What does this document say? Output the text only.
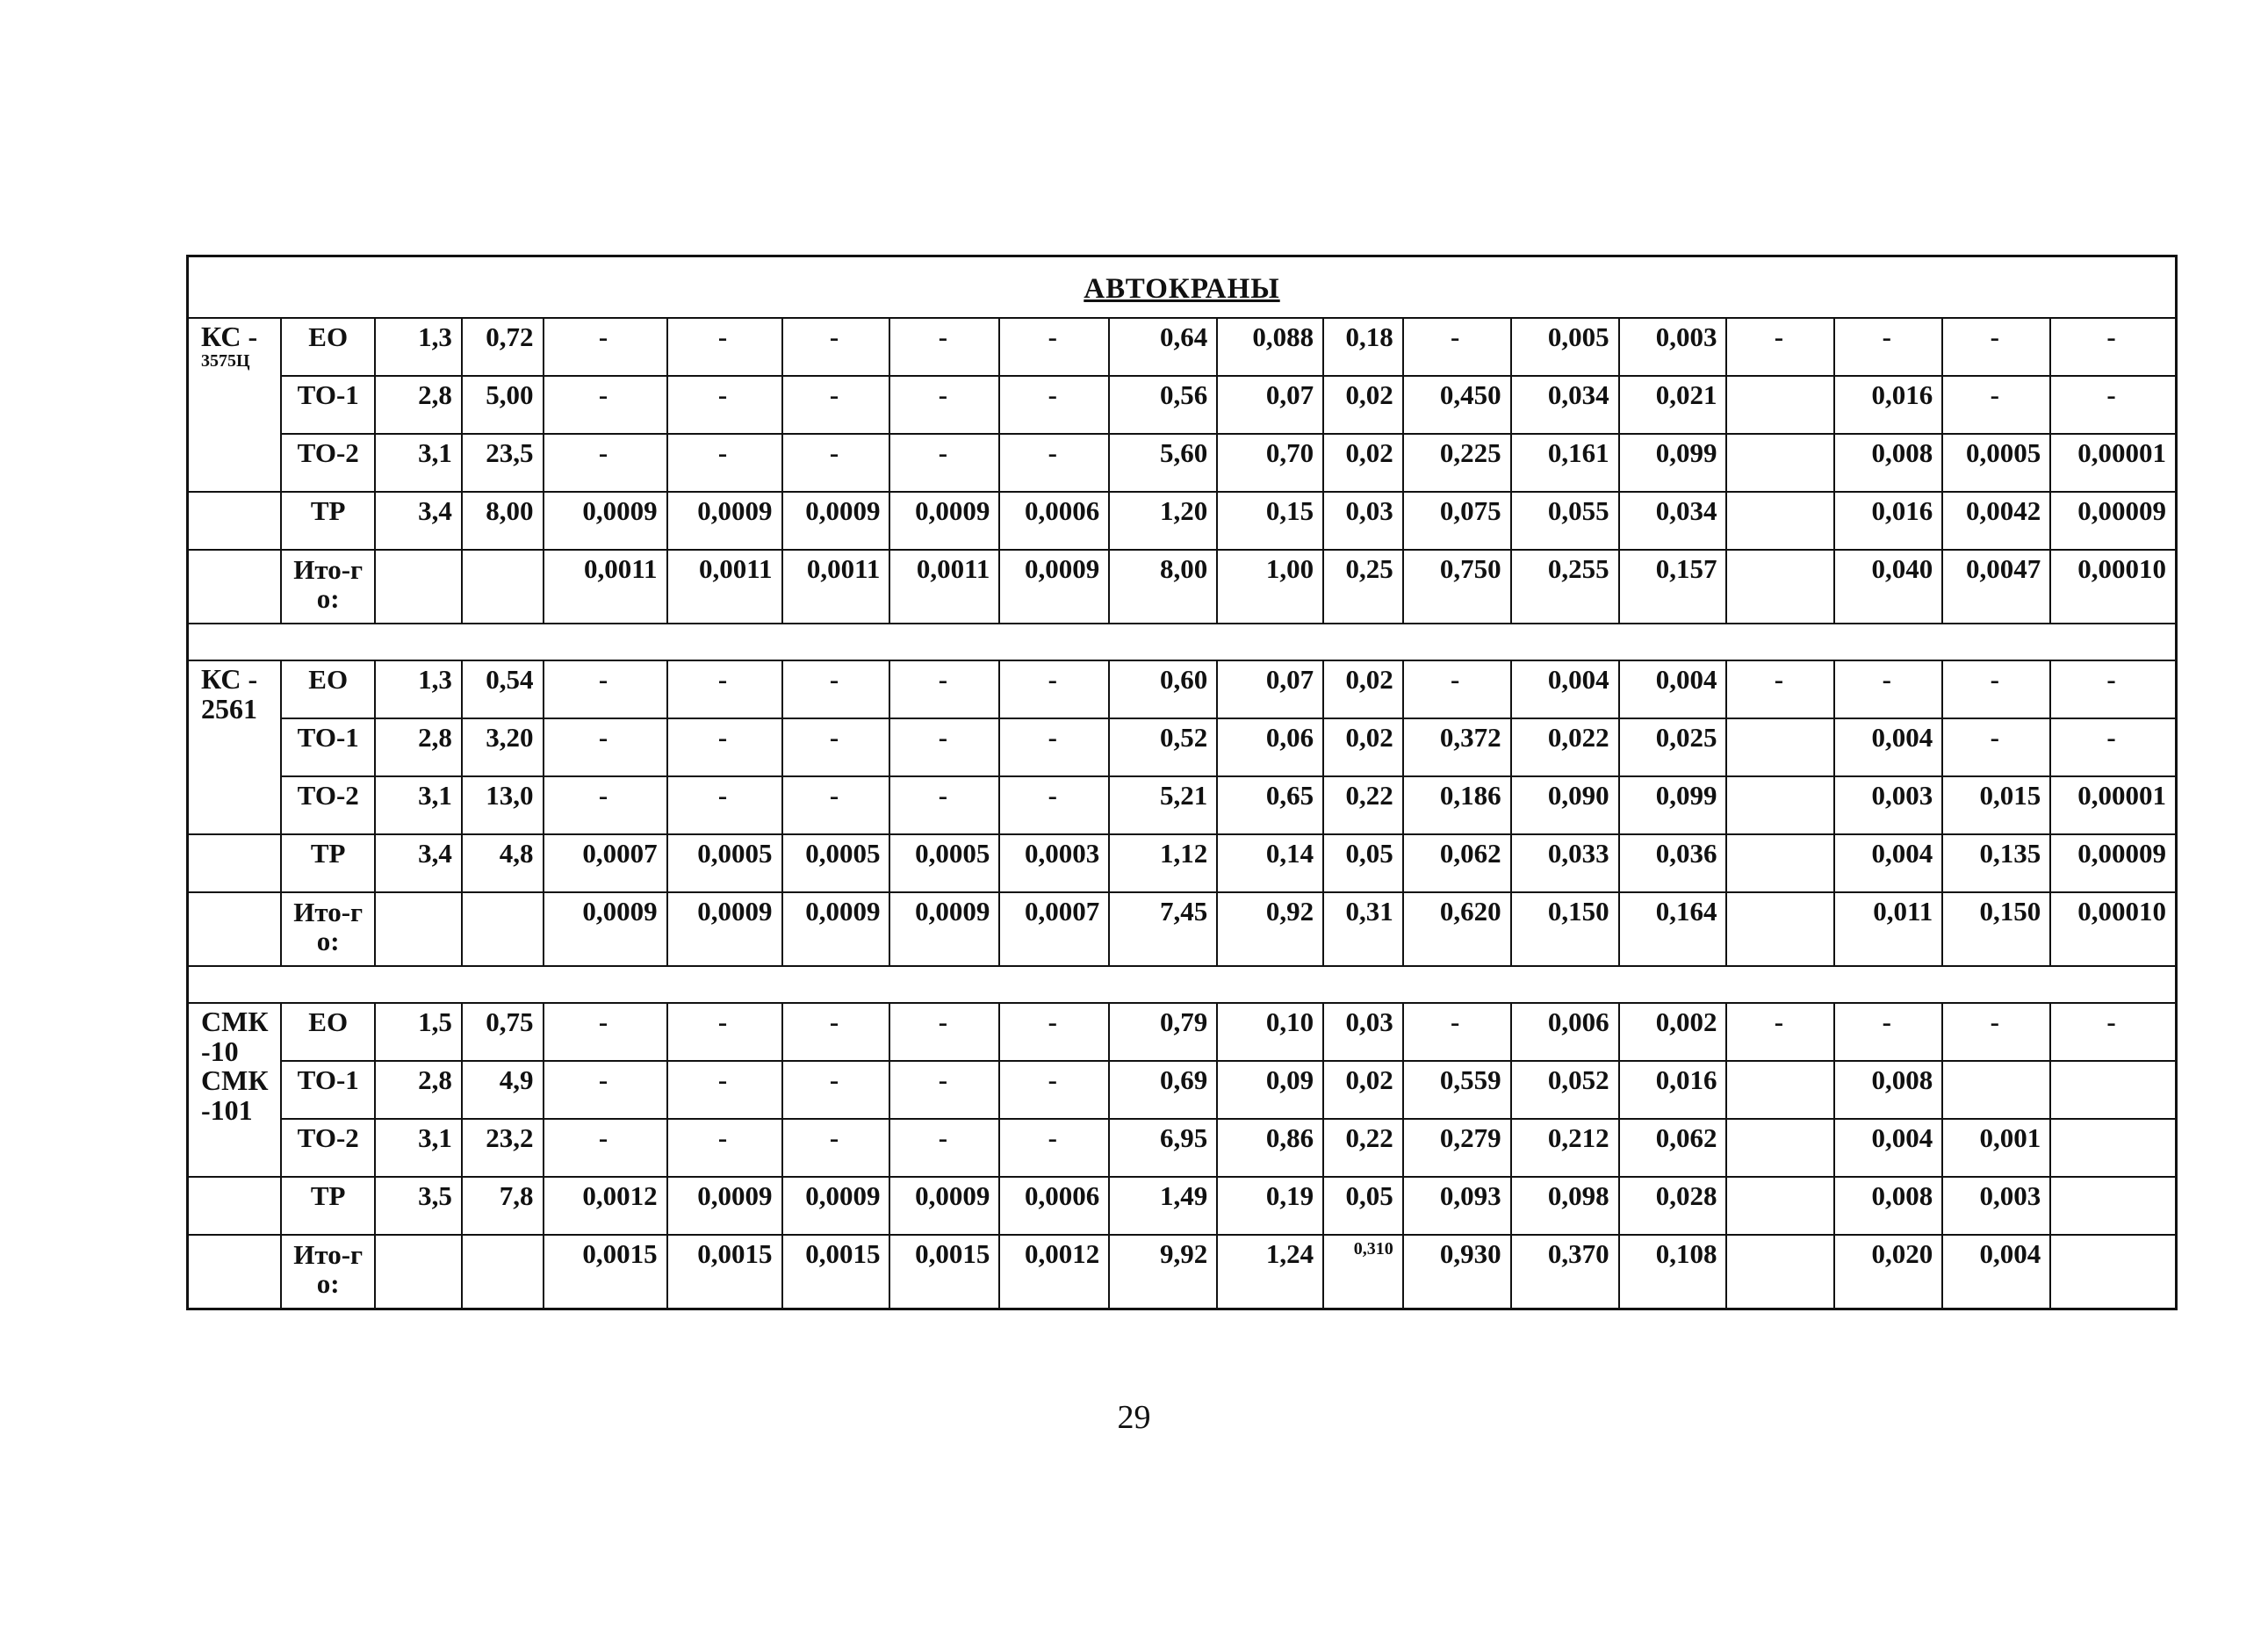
АВТОКРАНЫ																		
КС -
3575Ц	ЕО	1,3	0,72	-	-	-	-	-	0,64	0,088	0,18	-	0,005	0,003	-	-	-	-
	ТО-1	2,8	5,00	-	-	-	-	-	0,56	0,07	0,02	0,450	0,034	0,021		0,016	-	-
	ТО-2	3,1	23,5	-	-	-	-	-	5,60	0,70	0,02	0,225	0,161	0,099		0,008	0,0005	0,00001
	ТР	3,4	8,00	0,0009	0,0009	0,0009	0,0009	0,0006	1,20	0,15	0,03	0,075	0,055	0,034		0,016	0,0042	0,00009
	Ито-го:			0,0011	0,0011	0,0011	0,0011	0,0009	8,00	1,00	0,25	0,750	0,255	0,157		0,040	0,0047	0,00010

КС -
2561	ЕО	1,3	0,54	-	-	-	-	-	0,60	0,07	0,02	-	0,004	0,004	-	-	-	-
	ТО-1	2,8	3,20	-	-	-	-	-	0,52	0,06	0,02	0,372	0,022	0,025		0,004	-	-
	ТО-2	3,1	13,0	-	-	-	-	-	5,21	0,65	0,22	0,186	0,090	0,099		0,003	0,015	0,00001
	ТР	3,4	4,8	0,0007	0,0005	0,0005	0,0005	0,0003	1,12	0,14	0,05	0,062	0,033	0,036		0,004	0,135	0,00009
	Ито-го:			0,0009	0,0009	0,0009	0,0009	0,0007	7,45	0,92	0,31	0,620	0,150	0,164		0,011	0,150	0,00010

СМК -10 СМК -101	ЕО	1,5	0,75	-	-	-	-	-	0,79	0,10	0,03	-	0,006	0,002	-	-	-	-
	ТО-1	2,8	4,9	-	-	-	-	-	0,69	0,09	0,02	0,559	0,052	0,016		0,008		
	ТО-2	3,1	23,2	-	-	-	-	-	6,95	0,86	0,22	0,279	0,212	0,062		0,004	0,001	
	ТР	3,5	7,8	0,0012	0,0009	0,0009	0,0009	0,0006	1,49	0,19	0,05	0,093	0,098	0,028		0,008	0,003	
	Ито-го:			0,0015	0,0015	0,0015	0,0015	0,0012	9,92	1,24	0,310	0,930	0,370	0,108		0,020	0,004	
29
